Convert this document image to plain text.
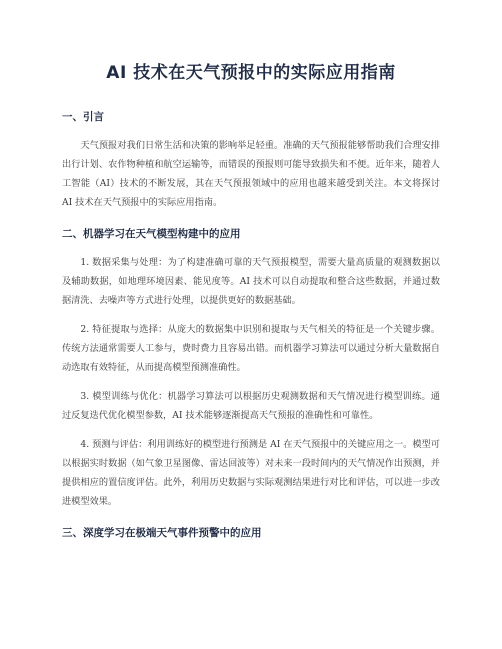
AI 技术在天气预报中的实际应用指南
一、引言

天气预报对我们日常生活和决策的影响举足轻重。准确的天气预报能够帮助我们合理安排出行计划、农作物种植和航空运输等，而错误的预报则可能导致损失和不便。近年来，随着人工智能（AI）技术的不断发展，其在天气预报领域中的应用也越来越受到关注。本文将探讨 AI 技术在天气预报中的实际应用指南。

二、机器学习在天气模型构建中的应用

1. 数据采集与处理：为了构建准确可靠的天气预报模型，需要大量高质量的观测数据以及辅助数据，如地理环境因素、能见度等。AI 技术可以自动提取和整合这些数据，并通过数据清洗、去噪声等方式进行处理，以提供更好的数据基础。

2. 特征提取与选择：从庞大的数据集中识别和提取与天气相关的特征是一个关键步骤。传统方法通常需要人工参与，费时费力且容易出错。而机器学习算法可以通过分析大量数据自动选取有效特征，从而提高模型预测准确性。

3. 模型训练与优化：机器学习算法可以根据历史观测数据和天气情况进行模型训练。通过反复迭代优化模型参数，AI 技术能够逐渐提高天气预报的准确性和可靠性。

4. 预测与评估：利用训练好的模型进行预测是 AI 在天气预报中的关键应用之一。模型可以根据实时数据（如气象卫星图像、雷达回波等）对未来一段时间内的天气情况作出预测，并提供相应的置信度评估。此外，利用历史数据与实际观测结果进行对比和评估，可以进一步改进模型效果。

三、深度学习在极端天气事件预警中的应用
